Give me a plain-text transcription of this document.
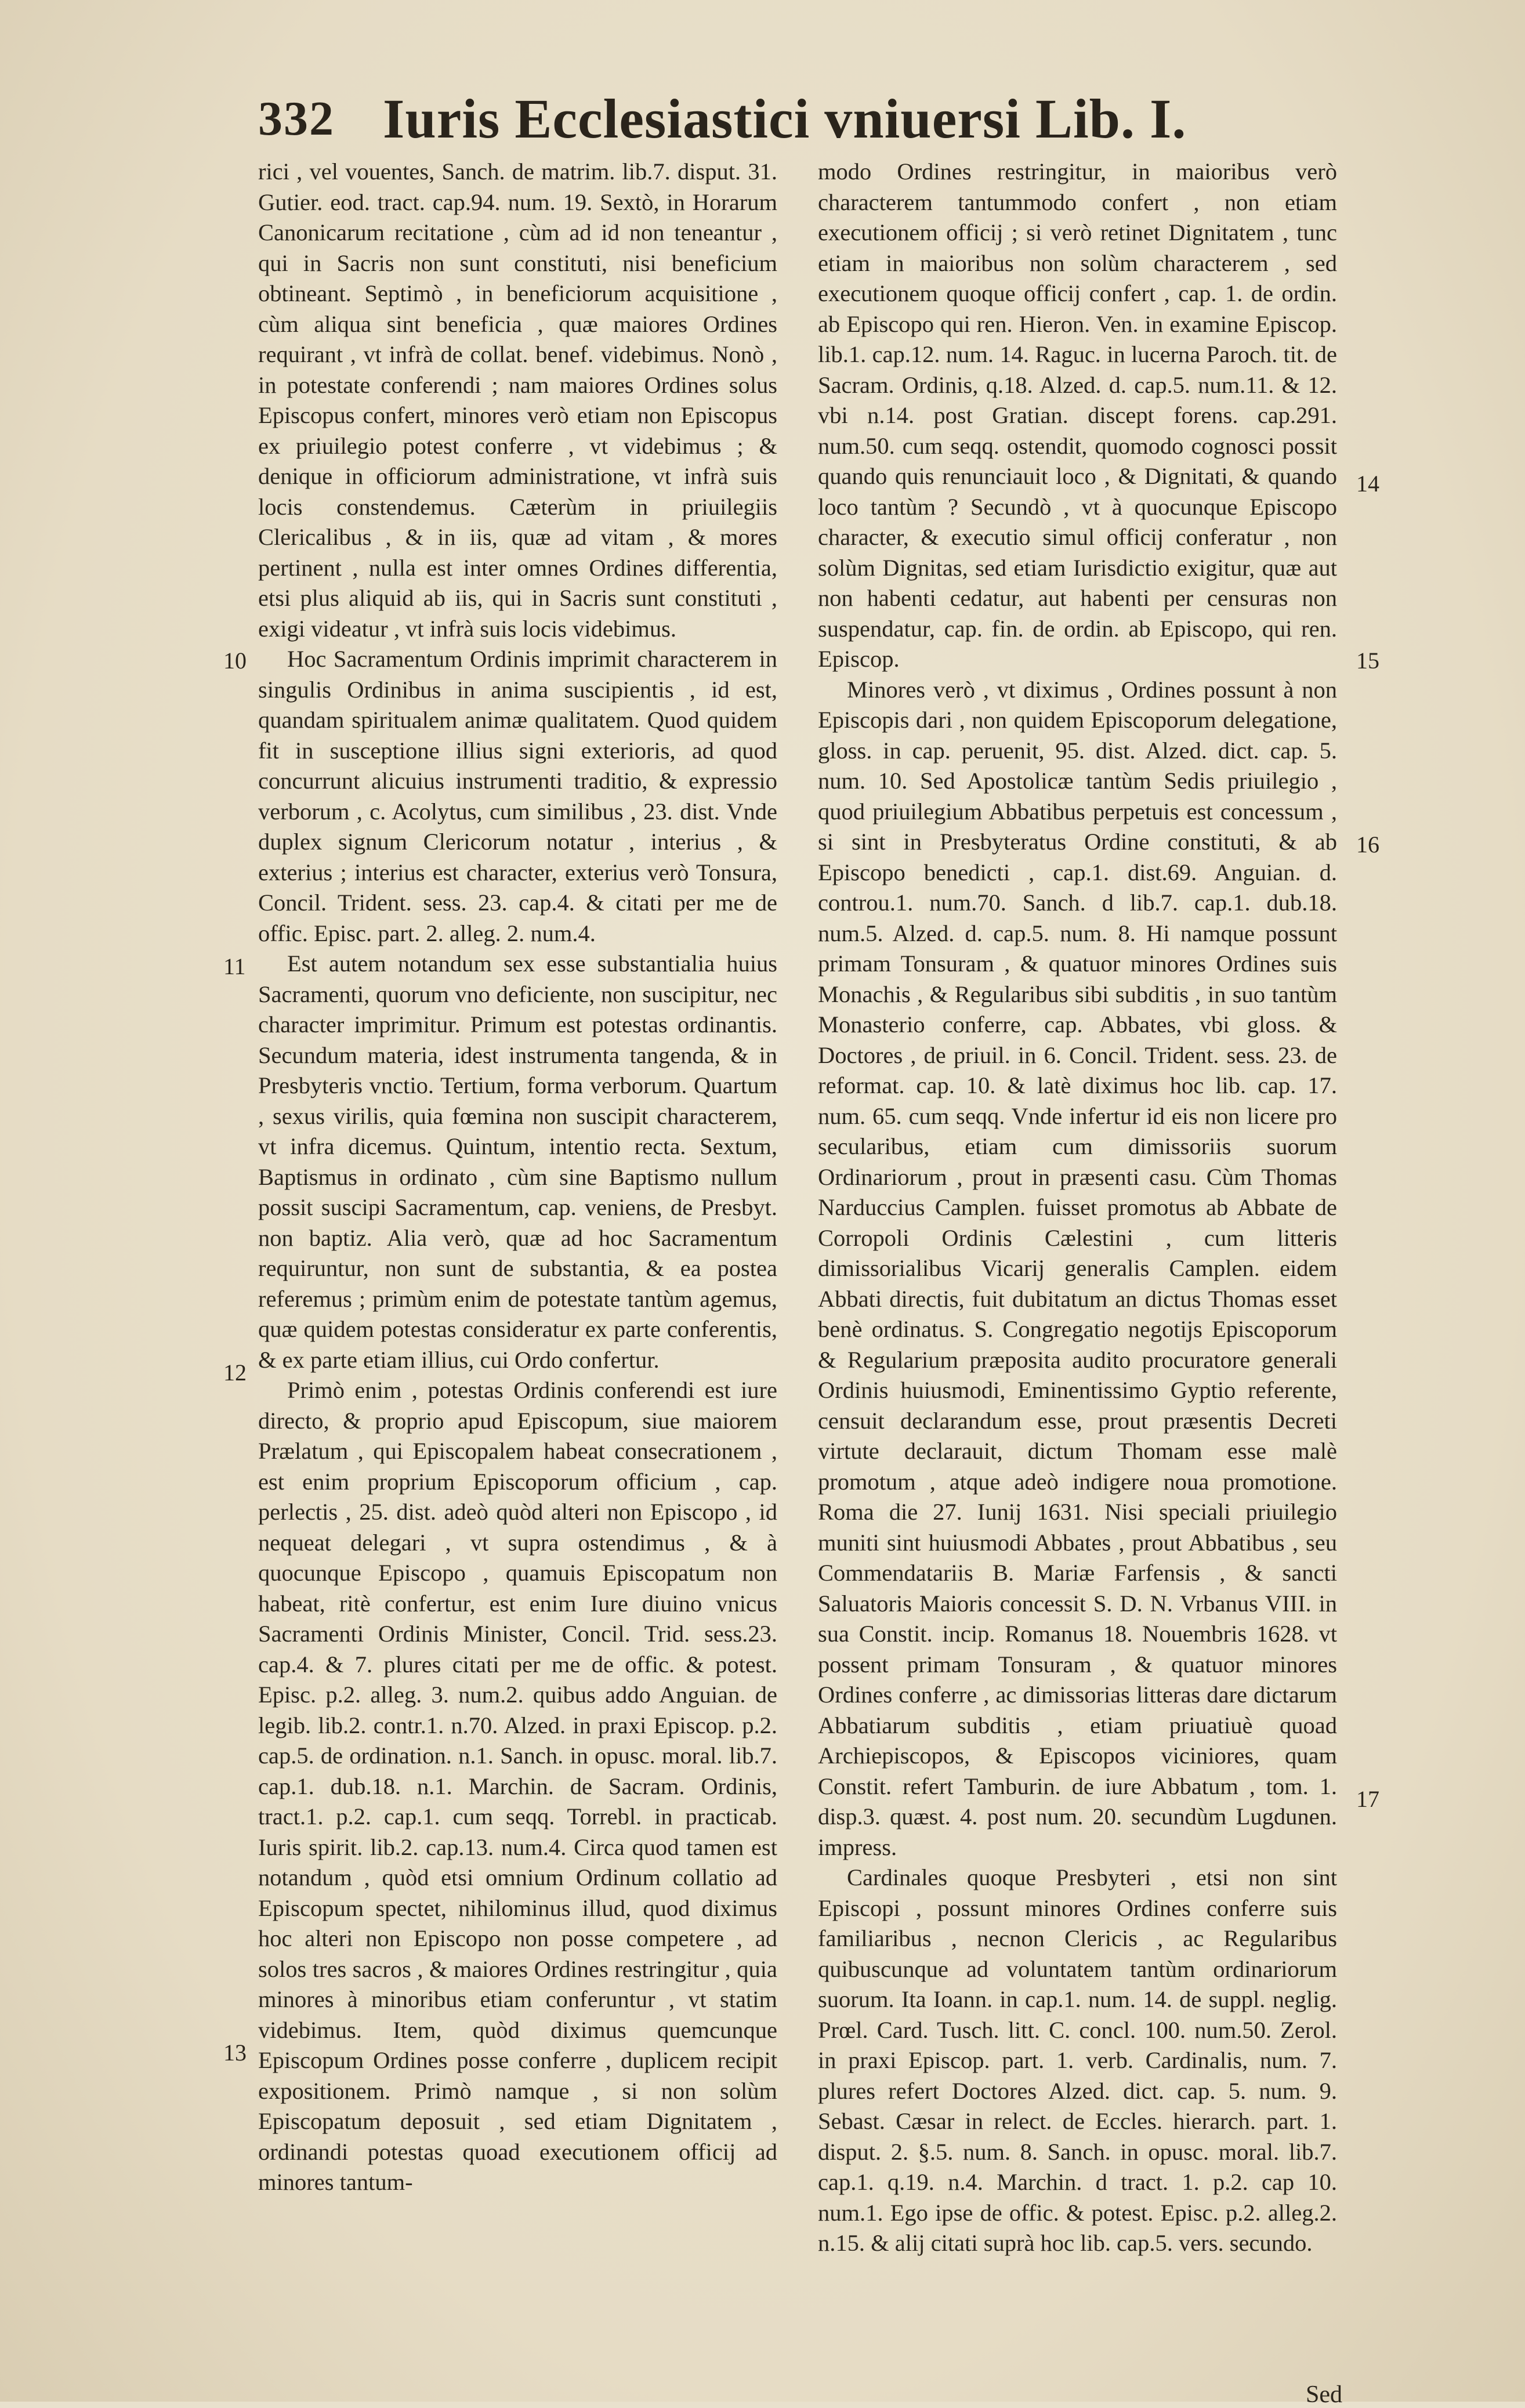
332 Iuris Ecclesiastici vniuersi Lib. I.

rici , vel vouentes, Sanch. de matrim. lib.7. disput. 31. Gutier. eod. tract. cap.94. num. 19. Sextò, in Horarum Canonicarum recitatione , cùm ad id non teneantur , qui in Sacris non sunt constituti, nisi beneficium obtineant. Septimò , in beneficiorum acquisitione , cùm aliqua sint beneficia , quæ maiores Ordines requirant , vt infrà de collat. benef. videbimus. Nonò , in potestate conferendi ; nam maiores Ordines solus Episcopus confert, minores verò etiam non Episcopus ex priuilegio potest conferre , vt videbimus ; & denique in officiorum administratione, vt infrà suis locis constendemus. Cæterùm in priuilegiis Clericalibus , & in iis, quæ ad vitam , & mores pertinent , nulla est inter omnes Ordines differentia, etsi plus aliquid ab iis, qui in Sacris sunt constituti , exigi videatur , vt infrà suis locis videbimus.

Hoc Sacramentum Ordinis imprimit characterem in singulis Ordinibus in anima suscipientis , id est, quandam spiritualem animæ qualitatem. Quod quidem fit in susceptione illius signi exterioris, ad quod concurrunt alicuius instrumenti traditio, & expressio verborum , c. Acolytus, cum similibus , 23. dist. Vnde duplex signum Clericorum notatur , interius , & exterius ; interius est character, exterius verò Tonsura, Concil. Trident. sess. 23. cap.4. & citati per me de offic. Episc. part. 2. alleg. 2. num.4.

Est autem notandum sex esse substantialia huius Sacramenti, quorum vno deficiente, non suscipitur, nec character imprimitur. Primum est potestas ordinantis. Secundum materia, idest instrumenta tangenda, & in Presbyteris vnctio. Tertium, forma verborum. Quartum , sexus virilis, quia fœmina non suscipit characterem, vt infra dicemus. Quintum, intentio recta. Sextum, Baptismus in ordinato , cùm sine Baptismo nullum possit suscipi Sacramentum, cap. veniens, de Presbyt. non baptiz. Alia verò, quæ ad hoc Sacramentum requiruntur, non sunt de substantia, & ea postea referemus ; primùm enim de potestate tantùm agemus, quæ quidem potestas consideratur ex parte conferentis, & ex parte etiam illius, cui Ordo confertur.

Primò enim , potestas Ordinis conferendi est iure directo, & proprio apud Episcopum, siue maiorem Prælatum , qui Episcopalem habeat consecrationem , est enim proprium Episcoporum officium , cap. perlectis , 25. dist. adeò quòd alteri non Episcopo , id nequeat delegari , vt supra ostendimus , & à quocunque Episcopo , quamuis Episcopatum non habeat, ritè confertur, est enim Iure diuino vnicus Sacramenti Ordinis Minister, Concil. Trid. sess.23. cap.4. & 7. plures citati per me de offic. & potest. Episc. p.2. alleg. 3. num.2. quibus addo Anguian. de legib. lib.2. contr.1. n.70. Alzed. in praxi Episcop. p.2. cap.5. de ordination. n.1. Sanch. in opusc. moral. lib.7. cap.1. dub.18. n.1. Marchin. de Sacram. Ordinis, tract.1. p.2. cap.1. cum seqq. Torrebl. in practicab. Iuris spirit. lib.2. cap.13. num.4. Circa quod tamen est notandum , quòd etsi omnium Ordinum collatio ad Episcopum spectet, nihilominus illud, quod diximus hoc alteri non Episcopo non posse competere , ad solos tres sacros , & maiores Ordines restringitur , quia minores à minoribus etiam conferuntur , vt statim videbimus. Item, quòd diximus quemcunque Episcopum Ordines posse conferre , duplicem recipit expositionem. Primò namque , si non solùm Episcopatum deposuit , sed etiam Dignitatem , ordinandi potestas quoad executionem officij ad minores tantum-

modo Ordines restringitur, in maioribus verò characterem tantummodo confert , non etiam executionem officij ; si verò retinet Dignitatem , tunc etiam in maioribus non solùm characterem , sed executionem quoque officij confert , cap. 1. de ordin. ab Episcopo qui ren. Hieron. Ven. in examine Episcop. lib.1. cap.12. num. 14. Raguc. in lucerna Paroch. tit. de Sacram. Ordinis, q.18. Alzed. d. cap.5. num.11. & 12. vbi n.14. post Gratian. discept forens. cap.291. num.50. cum seqq. ostendit, quomodo cognosci possit quando quis renunciauit loco , & Dignitati, & quando loco tantùm ? Secundò , vt à quocunque Episcopo character, & executio simul officij conferatur , non solùm Dignitas, sed etiam Iurisdictio exigitur, quæ aut non habenti cedatur, aut habenti per censuras non suspendatur, cap. fin. de ordin. ab Episcopo, qui ren. Episcop.

Minores verò , vt diximus , Ordines possunt à non Episcopis dari , non quidem Episcoporum delegatione, gloss. in cap. peruenit, 95. dist. Alzed. dict. cap. 5. num. 10. Sed Apostolicæ tantùm Sedis priuilegio , quod priuilegium Abbatibus perpetuis est concessum , si sint in Presbyteratus Ordine constituti, & ab Episcopo benedicti , cap.1. dist.69. Anguian. d. controu.1. num.70. Sanch. d lib.7. cap.1. dub.18. num.5. Alzed. d. cap.5. num. 8. Hi namque possunt primam Tonsuram , & quatuor minores Ordines suis Monachis , & Regularibus sibi subditis , in suo tantùm Monasterio conferre, cap. Abbates, vbi gloss. & Doctores , de priuil. in 6. Concil. Trident. sess. 23. de reformat. cap. 10. & latè diximus hoc lib. cap. 17. num. 65. cum seqq. Vnde infertur id eis non licere pro secularibus, etiam cum dimissoriis suorum Ordinariorum , prout in præsenti casu. Cùm Thomas Narduccius Camplen. fuisset promotus ab Abbate de Corropoli Ordinis Cælestini , cum litteris dimissorialibus Vicarij generalis Camplen. eidem Abbati directis, fuit dubitatum an dictus Thomas esset benè ordinatus. S. Congregatio negotijs Episcoporum & Regularium præposita audito procuratore generali Ordinis huiusmodi, Eminentissimo Gyptio referente, censuit declarandum esse, prout præsentis Decreti virtute declarauit, dictum Thomam esse malè promotum , atque adeò indigere noua promotione. Roma die 27. Iunij 1631. Nisi speciali priuilegio muniti sint huiusmodi Abbates , prout Abbatibus , seu Commendatariis B. Mariæ Farfensis , & sancti Saluatoris Maioris concessit S. D. N. Vrbanus VIII. in sua Constit. incip. Romanus 18. Nouembris 1628. vt possent primam Tonsuram , & quatuor minores Ordines conferre , ac dimissorias litteras dare dictarum Abbatiarum subditis , etiam priuatiuè quoad Archiepiscopos, & Episcopos viciniores, quam Constit. refert Tamburin. de iure Abbatum , tom. 1. disp.3. quæst. 4. post num. 20. secundùm Lugdunen. impress.

Cardinales quoque Presbyteri , etsi non sint Episcopi , possunt minores Ordines conferre suis familiaribus , necnon Clericis , ac Regularibus quibuscunque ad voluntatem tantùm ordinariorum suorum. Ita Ioann. in cap.1. num. 14. de suppl. neglig. Prœl. Card. Tusch. litt. C. concl. 100. num.50. Zerol. in praxi Episcop. part. 1. verb. Cardinalis, num. 7. plures refert Doctores Alzed. dict. cap. 5. num. 9. Sebast. Cæsar in relect. de Eccles. hierarch. part. 1. disput. 2. §.5. num. 8. Sanch. in opusc. moral. lib.7. cap.1. q.19. n.4. Marchin. d tract. 1. p.2. cap 10. num.1. Ego ipse de offic. & potest. Episc. p.2. alleg.2. n.15. & alij citati suprà hoc lib. cap.5. vers. secundo.

10
11
12
13
14
15
16
17
Sed
